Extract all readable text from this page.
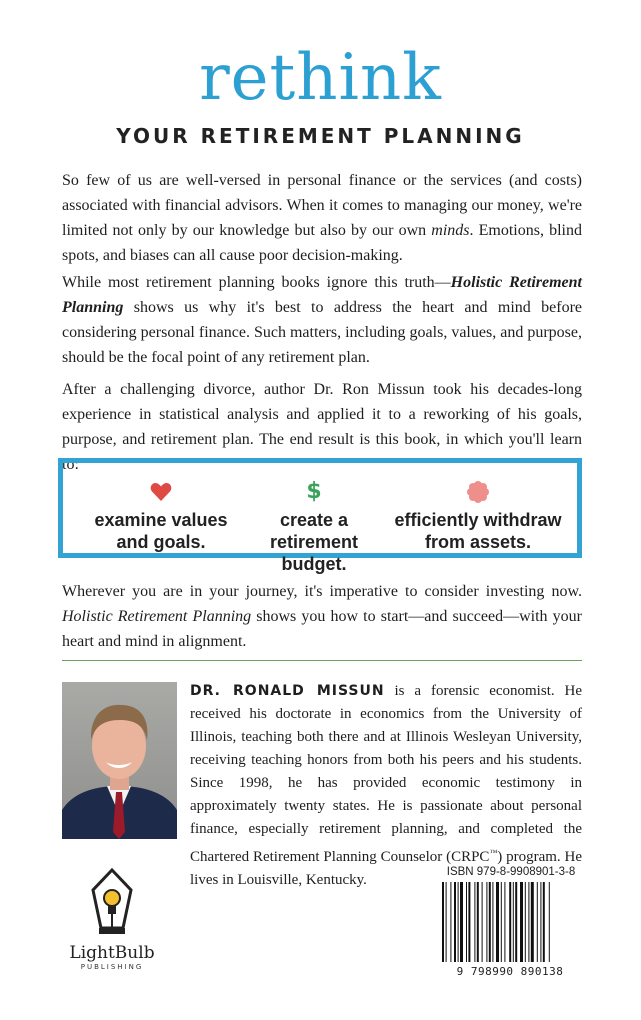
rethink
YOUR RETIREMENT PLANNING

So few of us are well-versed in personal finance or the services (and costs) associated with financial advisors. When it comes to managing our money, we're limited not only by our knowledge but also by our own minds. Emotions, blind spots, and biases can all cause poor decision-making.

While most retirement planning books ignore this truth—Holistic Retirement Planning shows us why it's best to address the heart and mind before considering personal finance. Such matters, including goals, values, and purpose, should be the focal point of any retirement plan.

After a challenging divorce, author Dr. Ron Missun took his decades-long experience in statistical analysis and applied it to a reworking of his goals, purpose, and retirement plan. The end result is this book, in which you'll learn to:

examine values
and goals.
$
create a
retirement budget.
efficiently withdraw
from assets.

Wherever you are in your journey, it's imperative to consider investing now. Holistic Retirement Planning shows you how to start—and succeed—with your heart and mind in alignment.

DR. RONALD MISSUN is a forensic economist. He received his doctorate in economics from the University of Illinois, teaching both there and at Illinois Wesleyan University, receiving teaching honors from both his peers and his students. Since 1998, he has provided economic testimony in approximately twenty states. He is passionate about personal finance, especially retirement planning, and completed the Chartered Retirement Planning Counselor (CRPC™) program. He lives in Louisville, Kentucky.

LightBulb
PUBLISHING
ISBN 979-8-9908901-3-8
9 798990 890138
